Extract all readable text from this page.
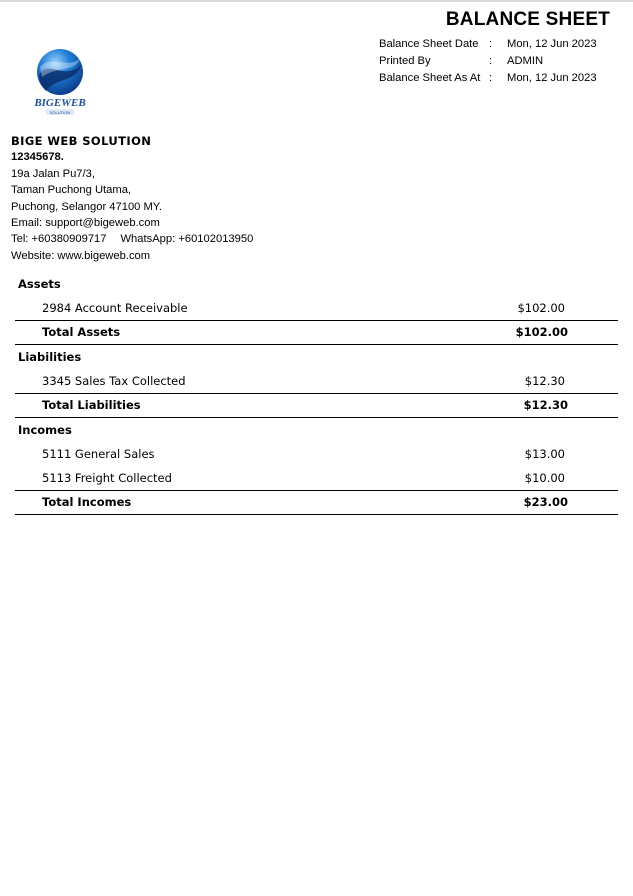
BALANCE SHEET
Balance Sheet Date :	Mon, 12 Jun 2023
Printed By	:	ADMIN
Balance Sheet As At :	Mon, 12 Jun 2023
BIGEWEB
SOLUTION
BIGE WEB SOLUTION
12345678.
19a Jalan Pu7/3,
Taman Puchong Utama,
Puchong, Selangor 47100 MY.
Email: support@bigeweb.com
Tel: +60380909717 WhatsApp: +60102013950
Website: www.bigeweb.com
Assets
2984 Account Receivable	$102.00
Total Assets	$102.00
Liabilities
3345 Sales Tax Collected	$12.30
Total Liabilities	$12.30
Incomes
5111 General Sales	$13.00
5113 Freight Collected	$10.00
Total Incomes	$23.00
